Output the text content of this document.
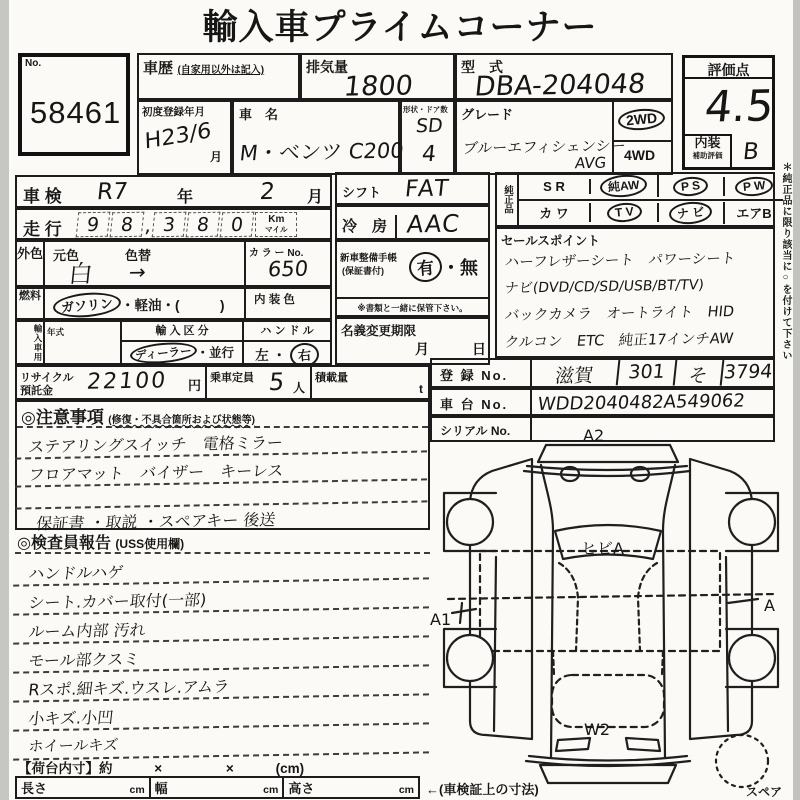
輸入車プライムコーナー
No.
58461
車歴 (自家用以外は記入)	排気量
1800
型　式
DBA-204048	評価点
4.5
内装
補助評価 B
初度登録年月
H23/6
月
車　名
M・ベンツ C200
形状・ドア数
SD
4
グレード
ブルーエフィシェンシー
AVG
2WD
4WD
車 検 R7	年	2 月
走 行	9	8 , 3	8	0	Km
マイル
シフト FAT
冷　房 AAC
純正品	S R	純AW	P S	P W
カ ワ	T V	ナ ビ	エアB
セールスポイント
ハーフレザーシート　パワーシート ナビ(DVD/CD/SD/USB/BT/TV) バックカメラ　オートライト　HID クルコン　ETC　純正17インチAW
外色 元色
白
色替
→
カ ラ ー No.
650
燃料	ガソリン ・軽油・(　　　)	内 装 色
輸入車用 年式	輸 入 区 分
ディーラー ・並行
ハ ン ド ル
左 ・ 右
新車整備手帳
(保証書付)	有 ・無
※書類と一緒に保管下さい。
名義変更期限
月	日
リサイクル
預託金 22100 円 乗車定員 5 人
積載量
t
登 録 No.	滋賀	301	そ 3794
車 台 No.	WDD2040482A549062
シリアル No.
◎注意事項 (修復・不具合箇所および状態等)
ステアリングスイッチ　電格ミラー
フロアマット　バイザー　キーレス
保証書 ・取説 ・スペアキー 後送
◎検査員報告 (USS使用欄)
ハンドルハゲ
シート.カバー取付(一部)
ルーム内部 汚れ
モール部クスミ
Rスポ.細キズ.ウスレ.アムラ
小キズ.小凹
ホイールキズ
【荷台内寸】約	×	×	(cm)
長さ	cm 幅	cm 高さ	cm ←(車検証上の寸法)
＊純正品に限り該当に○を付けて下さい
A2
ヒビA
A1
A
W2
スペア
